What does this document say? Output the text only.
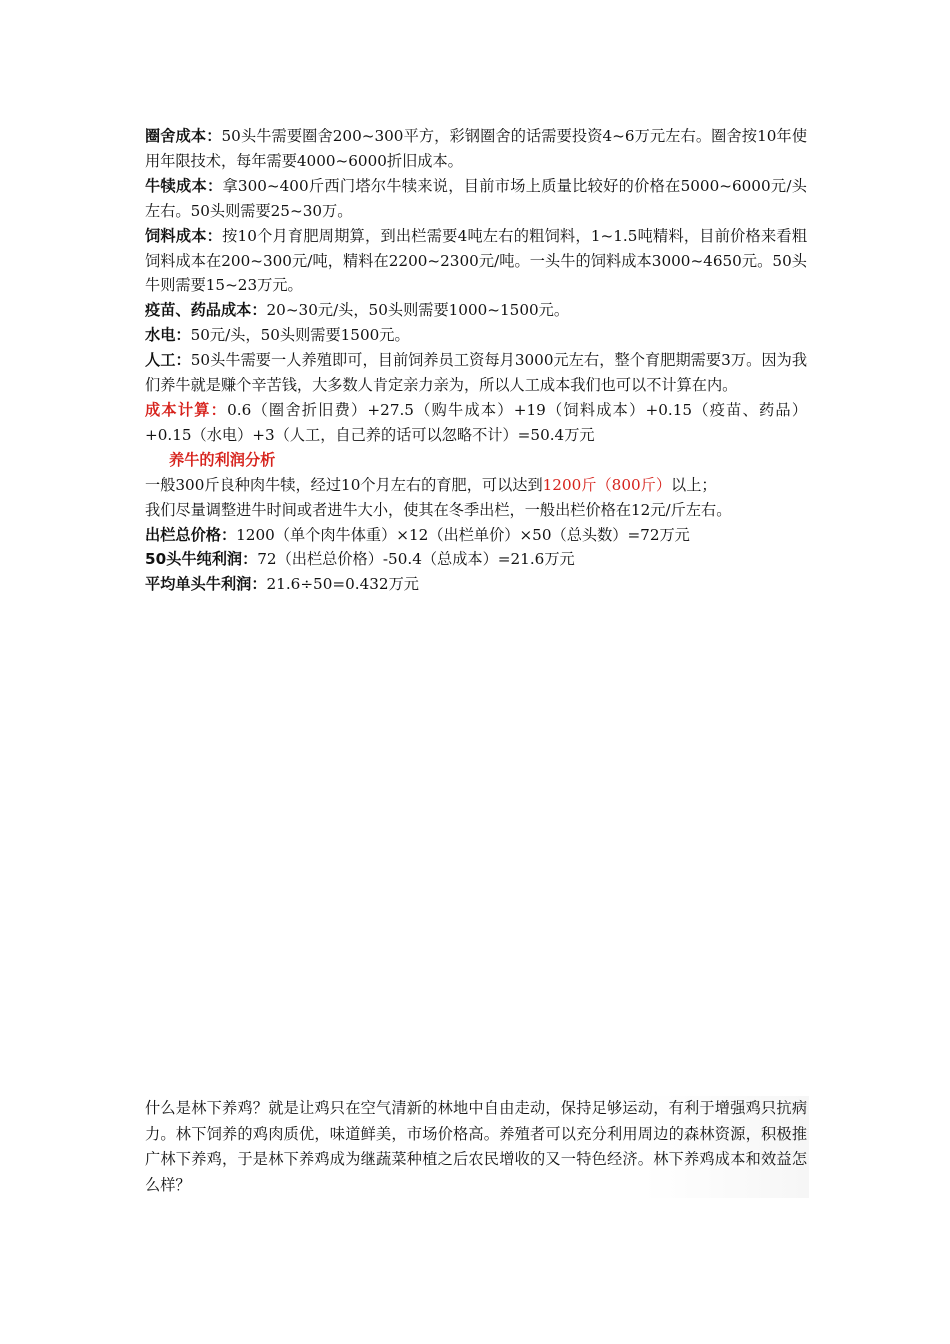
圈舍成本：50头牛需要圈舍200~300平方，彩钢圈舍的话需要投资4~6万元左右。圈舍按10年使用年限技术，每年需要4000~6000折旧成本。

牛犊成本：拿300~400斤西门塔尔牛犊来说，目前市场上质量比较好的价格在5000~6000元/头左右。50头则需要25~30万。

饲料成本：按10个月育肥周期算，到出栏需要4吨左右的粗饲料，1~1.5吨精料，目前价格来看粗饲料成本在200~300元/吨，精料在2200~2300元/吨。一头牛的饲料成本3000~4650元。50头牛则需要15~23万元。

疫苗、药品成本：20~30元/头，50头则需要1000~1500元。

水电：50元/头，50头则需要1500元。

人工：50头牛需要一人养殖即可，目前饲养员工资每月3000元左右，整个育肥期需要3万。因为我们养牛就是赚个辛苦钱，大多数人肯定亲力亲为，所以人工成本我们也可以不计算在内。

成本计算：0.6（圈舍折旧费）+27.5（购牛成本）+19（饲料成本）+0.15（疫苗、药品）+0.15（水电）+3（人工，自己养的话可以忽略不计）=50.4万元

养牛的利润分析

一般300斤良种肉牛犊，经过10个月左右的育肥，可以达到1200斤（800斤）以上；

我们尽量调整进牛时间或者进牛大小，使其在冬季出栏，一般出栏价格在12元/斤左右。

出栏总价格：1200（单个肉牛体重）×12（出栏单价）×50（总头数）=72万元

50头牛纯利润：72（出栏总价格）-50.4（总成本）=21.6万元

平均单头牛利润：21.6÷50=0.432万元

什么是林下养鸡？就是让鸡只在空气清新的林地中自由走动，保持足够运动，有利于增强鸡只抗病力。林下饲养的鸡肉质优，味道鲜美，市场价格高。养殖者可以充分利用周边的森林资源，积极推广林下养鸡，于是林下养鸡成为继蔬菜种植之后农民增收的又一特色经济。林下养鸡成本和效益怎么样？
